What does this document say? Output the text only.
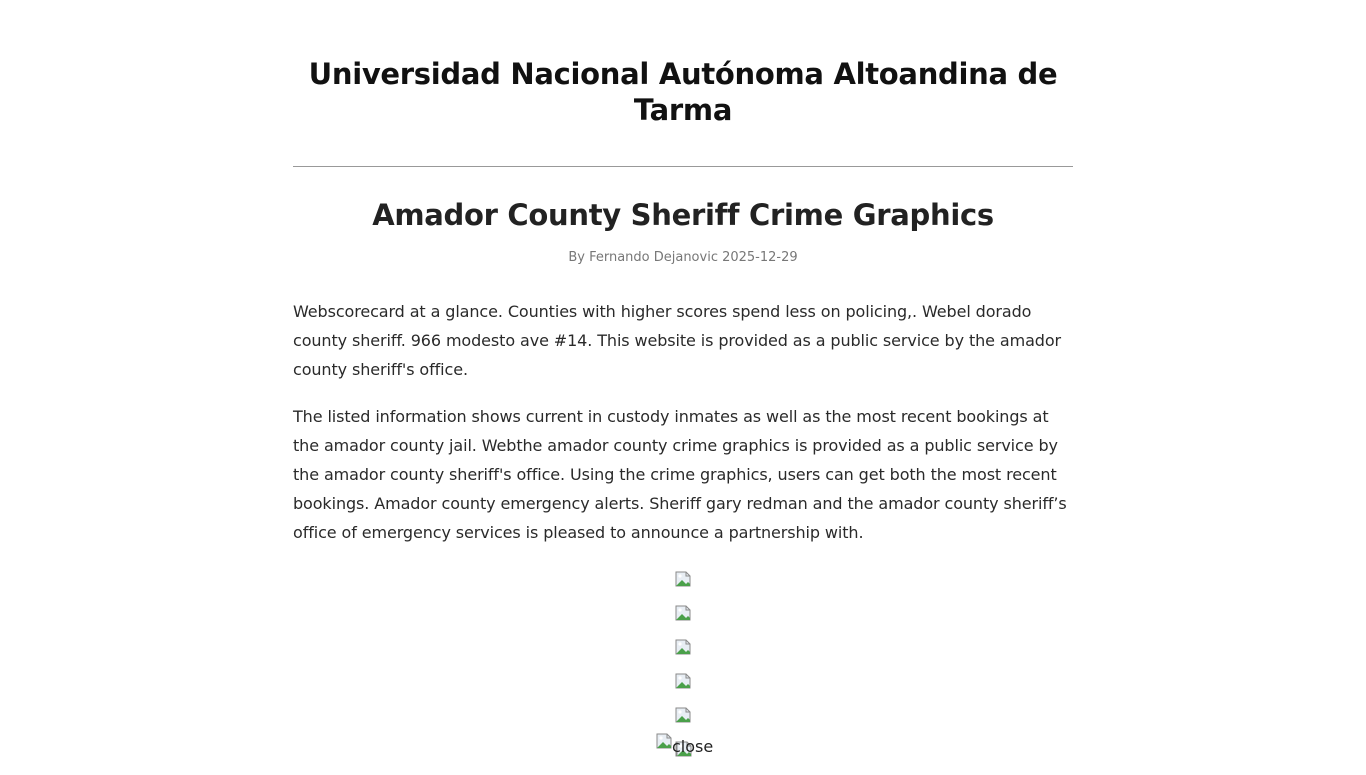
Universidad Nacional Autónoma Altoandina de Tarma
Amador County Sheriff Crime Graphics
By Fernando Dejanovic 2025-12-29

Webscorecard at a glance. Counties with higher scores spend less on policing,. Webel dorado county sheriff. 966 modesto ave #14. This website is provided as a public service by the amador county sheriff's office.

The listed information shows current in custody inmates as well as the most recent bookings at the amador county jail. Webthe amador county crime graphics is provided as a public service by the amador county sheriff's office. Using the crime graphics, users can get both the most recent bookings. Amador county emergency alerts. Sheriff gary redman and the amador county sheriff’s office of emergency services is pleased to announce a partnership with.

close
